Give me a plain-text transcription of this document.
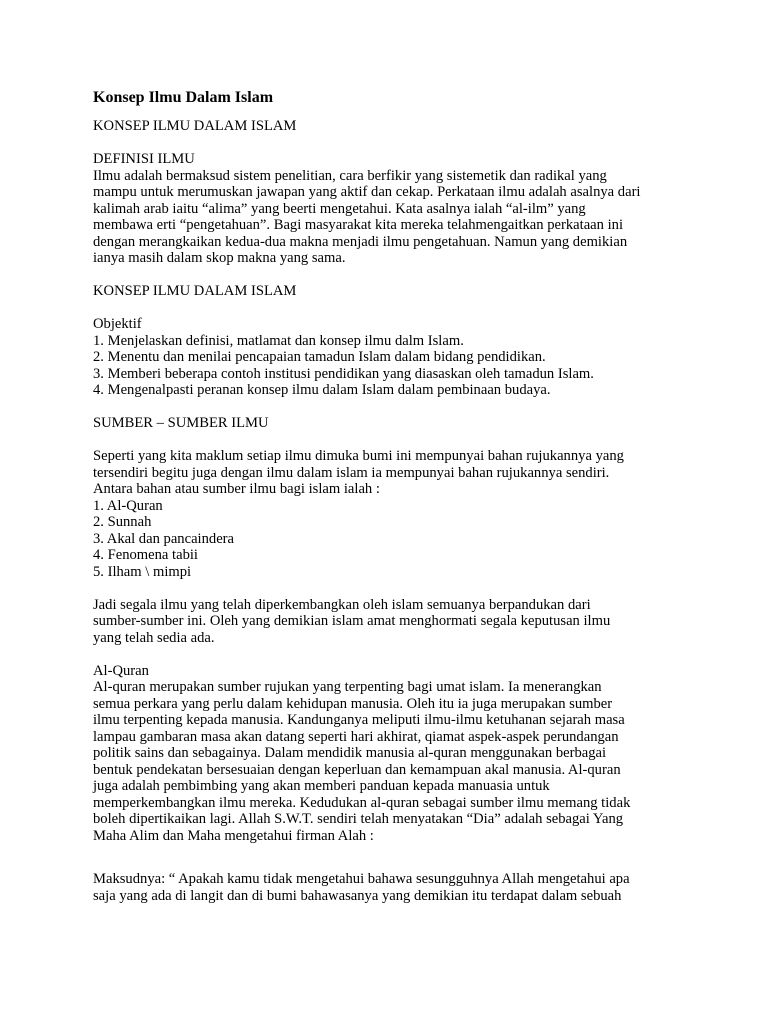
Konsep Ilmu Dalam Islam
KONSEP ILMU DALAM ISLAM
DEFINISI ILMU
Ilmu adalah bermaksud sistem penelitian, cara berfikir yang sistemetik dan radikal yang
mampu untuk merumuskan jawapan yang aktif dan cekap. Perkataan ilmu adalah asalnya dari
kalimah arab iaitu “alima” yang beerti mengetahui. Kata asalnya ialah “al-ilm” yang
membawa erti “pengetahuan”. Bagi masyarakat kita mereka telahmengaitkan perkataan ini
dengan merangkaikan kedua-dua makna menjadi ilmu pengetahuan. Namun yang demikian
ianya masih dalam skop makna yang sama.
KONSEP ILMU DALAM ISLAM
Objektif
1. Menjelaskan definisi, matlamat dan konsep ilmu dalm Islam.
2. Menentu dan menilai pencapaian tamadun Islam dalam bidang pendidikan.
3. Memberi beberapa contoh institusi pendidikan yang diasaskan oleh tamadun Islam.
4. Mengenalpasti peranan konsep ilmu dalam Islam dalam pembinaan budaya.
SUMBER – SUMBER ILMU
Seperti yang kita maklum setiap ilmu dimuka bumi ini mempunyai bahan rujukannya yang
tersendiri begitu juga dengan ilmu dalam islam ia mempunyai bahan rujukannya sendiri.
Antara bahan atau sumber ilmu bagi islam ialah :
1. Al-Quran
2. Sunnah
3. Akal dan pancaindera
4. Fenomena tabii
5. Ilham \ mimpi
Jadi segala ilmu yang telah diperkembangkan oleh islam semuanya berpandukan dari
sumber-sumber ini. Oleh yang demikian islam amat menghormati segala keputusan ilmu
yang telah sedia ada.
Al-Quran
Al-quran merupakan sumber rujukan yang terpenting bagi umat islam. Ia menerangkan
semua perkara yang perlu dalam kehidupan manusia. Oleh itu ia juga merupakan sumber
ilmu terpenting kepada manusia. Kandunganya meliputi ilmu-ilmu ketuhanan sejarah masa
lampau gambaran masa akan datang seperti hari akhirat, qiamat aspek-aspek perundangan
politik sains dan sebagainya. Dalam mendidik manusia al-quran menggunakan berbagai
bentuk pendekatan bersesuaian dengan keperluan dan kemampuan akal manusia. Al-quran
juga adalah pembimbing yang akan memberi panduan kepada manuasia untuk
memperkembangkan ilmu mereka. Kedudukan al-quran sebagai sumber ilmu memang tidak
boleh dipertikaikan lagi. Allah S.W.T. sendiri telah menyatakan “Dia” adalah sebagai Yang
Maha Alim dan Maha mengetahui firman Alah :
Maksudnya: “ Apakah kamu tidak mengetahui bahawa sesungguhnya Allah mengetahui apa
saja yang ada di langit dan di bumi bahawasanya yang demikian itu terdapat dalam sebuah
